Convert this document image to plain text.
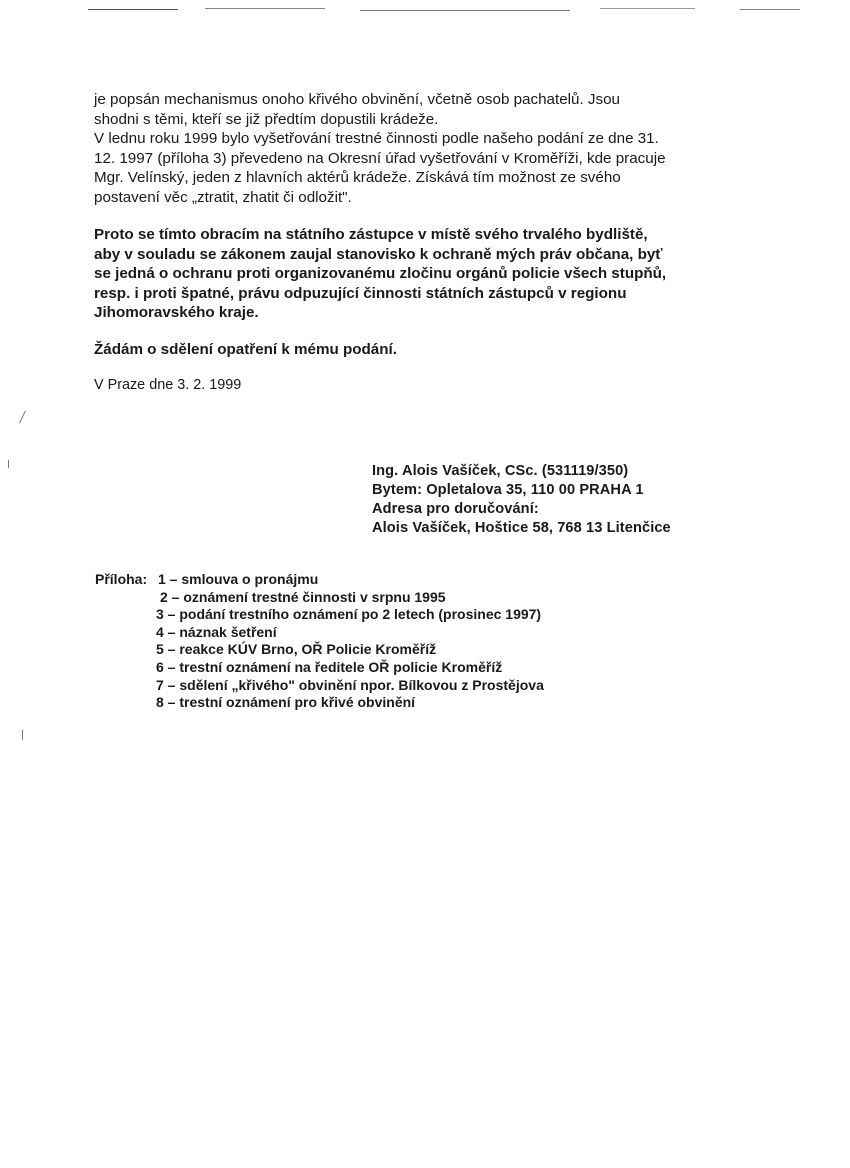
je popsán mechanismus onoho křivého obvinění, včetně osob pachatelů. Jsou
shodni s těmi, kteří se již předtím dopustili krádeže.
V lednu roku 1999 bylo vyšetřování trestné činnosti podle našeho podání ze dne 31.
12. 1997 (příloha 3) převedeno na Okresní úřad vyšetřování v Kroměříži, kde pracuje
Mgr. Velínský, jeden z hlavních aktérů krádeže. Získává tím možnost ze svého
postavení věc „ztratit, zhatit či odložit".

Proto se tímto obracím na státního zástupce v místě svého trvalého bydliště,
aby v souladu se zákonem zaujal stanovisko k ochraně mých práv občana, byť
se jedná o ochranu proti organizovanému zločinu orgánů policie všech stupňů,
resp. i proti špatné, právu odpuzující činnosti státních zástupců v regionu
Jihomoravského kraje.

Žádám o sdělení opatření k mému podání.

V Praze dne 3. 2. 1999

Ing. Alois Vašíček, CSc. (531119/350)
Bytem: Opletalova 35, 110 00 PRAHA 1
Adresa pro doručování:
Alois Vašíček, Hoštice 58, 768 13 Litenčice
Příloha: 1 – smlouva o pronájmu
2 – oznámení trestné činnosti v srpnu 1995
3 – podání trestního oznámení po 2 letech (prosinec 1997)
4 – náznak šetření
5 – reakce KÚV Brno, OŘ Policie Kroměříž
6 – trestní oznámení na ředitele OŘ policie Kroměříž
7 – sdělení „křivého" obvinění npor. Bílkovou z Prostějova
8 – trestní oznámení pro křivé obvinění
